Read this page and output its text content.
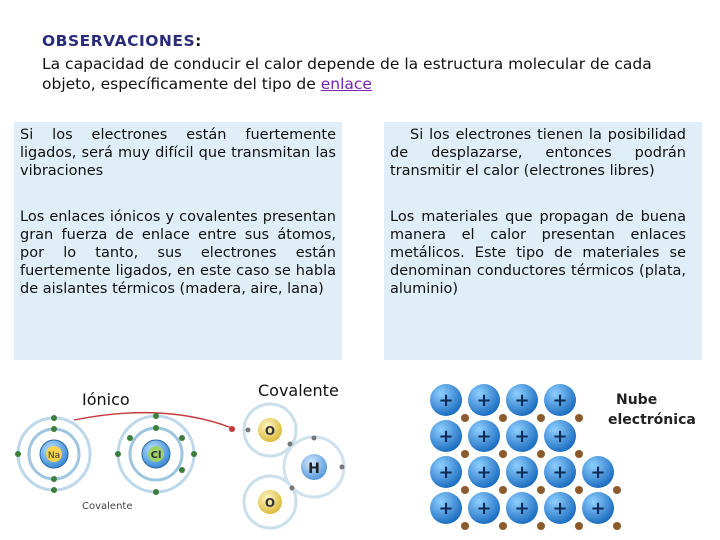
OBSERVACIONES:
La capacidad de conducir el calor depende de la estructura molecular de cada objeto, específicamente del tipo de enlace

Si los electrones están fuertemente ligados, será muy difícil que transmitan las vibraciones

Los enlaces iónicos y covalentes presentan gran fuerza de enlace entre sus átomos, por lo tanto, sus electrones están fuertemente ligados, en este caso se habla de aislantes térmicos (madera, aire, lana)

Si los electrones tienen la posibilidad de desplazarse, entonces podrán transmitir el calor (electrones libres)

Los materiales que propagan de buena manera el calor presentan enlaces metálicos. Este tipo de materiales se denominan conductores térmicos (plata, aluminio)

Iónico	Covalente
Na	Cl
Covalente
O
O
H
+ + + +
+ + + +
+ + + + +
+ + + + +
Nube
electrónica
